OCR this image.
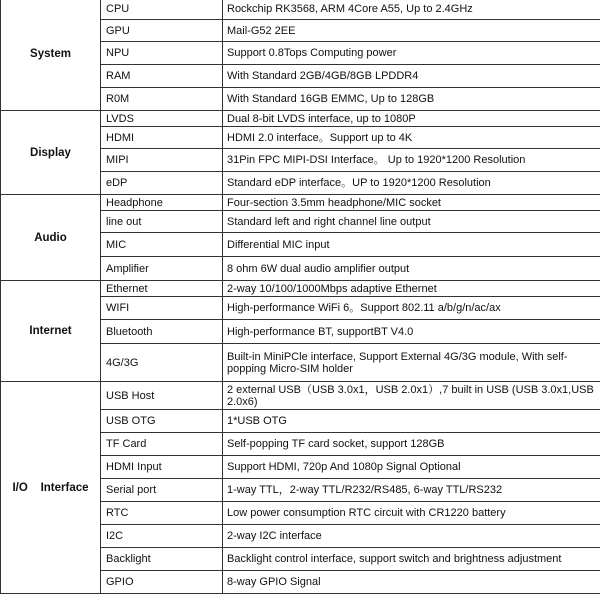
System	CPU	Rockchip RK3568, ARM 4Core A55, Up to 2.4GHz
	GPU	Mail-G52 2EE
	NPU	Support 0.8Tops Computing power
	RAM	With Standard 2GB/4GB/8GB LPDDR4
	R0M	With Standard 16GB EMMC, Up to 128GB
Display	LVDS	Dual 8-bit LVDS interface, up to 1080P
	HDMI	HDMI 2.0 interface。Support up to 4K
	MIPI	31Pin FPC MIPI-DSI Interface。 Up to 1920*1200 Resolution
	eDP	Standard eDP interface。UP to 1920*1200 Resolution
Audio	Headphone	Four-section 3.5mm headphone/MIC socket
	line out	Standard left and right channel line output
	MIC	Differential MIC input
	Amplifier	8 ohm 6W dual audio amplifier output
Internet	Ethernet	2-way 10/100/1000Mbps adaptive Ethernet
	WIFI	High-performance WiFi 6。Support 802.11 a/b/g/n/ac/ax
	Bluetooth	High-performance BT, supportBT V4.0
	4G/3G	Built-in MiniPCle interface, Support External 4G/3G module, With self-popping Micro-SIM holder
I/O    Interface	USB Host	2 external USB（USB 3.0x1，USB 2.0x1）,7 built in USB (USB 3.0x1,USB 2.0x6)
	USB OTG	1*USB OTG
	TF Card	Self-popping TF card socket, support 128GB
	HDMI Input	Support HDMI, 720p And 1080p Signal Optional
	Serial port	1-way TTL，2-way TTL/R232/RS485, 6-way TTL/RS232
	RTC	Low power consumption RTC circuit with CR1220 battery
	I2C	2-way I2C interface
	Backlight	Backlight control interface, support switch and brightness adjustment
	GPIO	8-way GPIO Signal
